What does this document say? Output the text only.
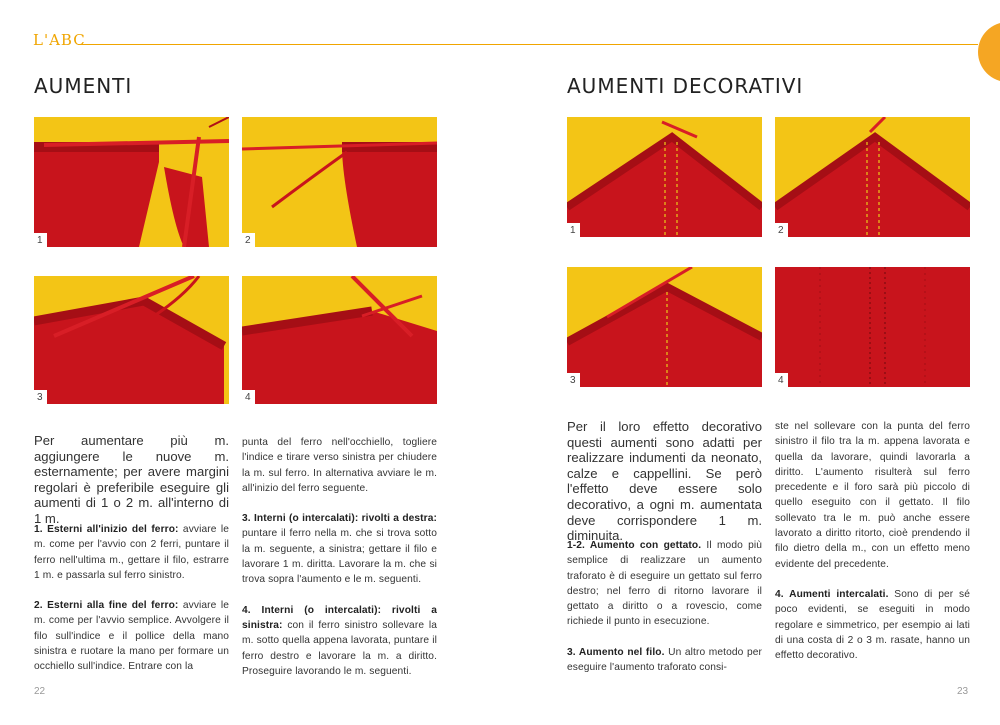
L'ABC
AUMENTI
1	2
3	4

Per aumentare più m. aggiungere le nuove m. esternamente; per avere margini regolari è preferibile eseguire gli aumenti di 1 o 2 m. all'interno di 1 m.

1. Esterni all'inizio del ferro: avviare le m. come per l'avvio con 2 ferri, puntare il ferro nell'ultima m., gettare il filo, estrarre 1 m. e passarla sul ferro sinistro.

2. Esterni alla fine del ferro: avviare le m. come per l'avvio semplice. Avvolgere il filo sull'indice e il pollice della mano sinistra e ruotare la mano per formare un occhiello sull'indice. Entrare con la

punta del ferro nell'occhiello, togliere l'indice e tirare verso sinistra per chiudere la m. sul ferro. In alternativa avviare le m. all'inizio del ferro seguente.

3. Interni (o intercalati): rivolti a destra: puntare il ferro nella m. che si trova sotto la m. seguente, a sinistra; gettare il filo e lavorare 1 m. diritta. Lavorare la m. che si trova sopra l'aumento e le m. seguenti.

4. Interni (o intercalati): rivolti a sinistra: con il ferro sinistro sollevare la m. sotto quella appena lavorata, puntare il ferro destro e lavorare la m. a diritto. Proseguire lavorando le m. seguenti.

22
AUMENTI DECORATIVI
1	2
3	4

Per il loro effetto decorativo questi aumenti sono adatti per realizzare indumenti da neonato, calze e cappellini. Se però l'effetto deve essere solo decorativo, a ogni m. aumentata deve corrispondere 1 m. diminuita.

1-2. Aumento con gettato. Il modo più semplice di realizzare un aumento traforato è di eseguire un gettato sul ferro destro; nel ferro di ritorno lavorare il gettato a diritto o a rovescio, come richiede il punto in esecuzione.

3. Aumento nel filo. Un altro metodo per eseguire l'aumento traforato consi-

ste nel sollevare con la punta del ferro sinistro il filo tra la m. appena lavorata e quella da lavorare, quindi lavorarla a diritto. L'aumento risulterà sul ferro precedente e il foro sarà più piccolo di quello eseguito con il gettato. Il filo sollevato tra le m. può anche essere lavorato a diritto ritorto, cioè prendendo il filo dietro della m., con un effetto meno evidente del precedente.

4. Aumenti intercalati. Sono di per sé poco evidenti, se eseguiti in modo regolare e simmetrico, per esempio ai lati di una costa di 2 o 3 m. rasate, hanno un effetto decorativo.

23
